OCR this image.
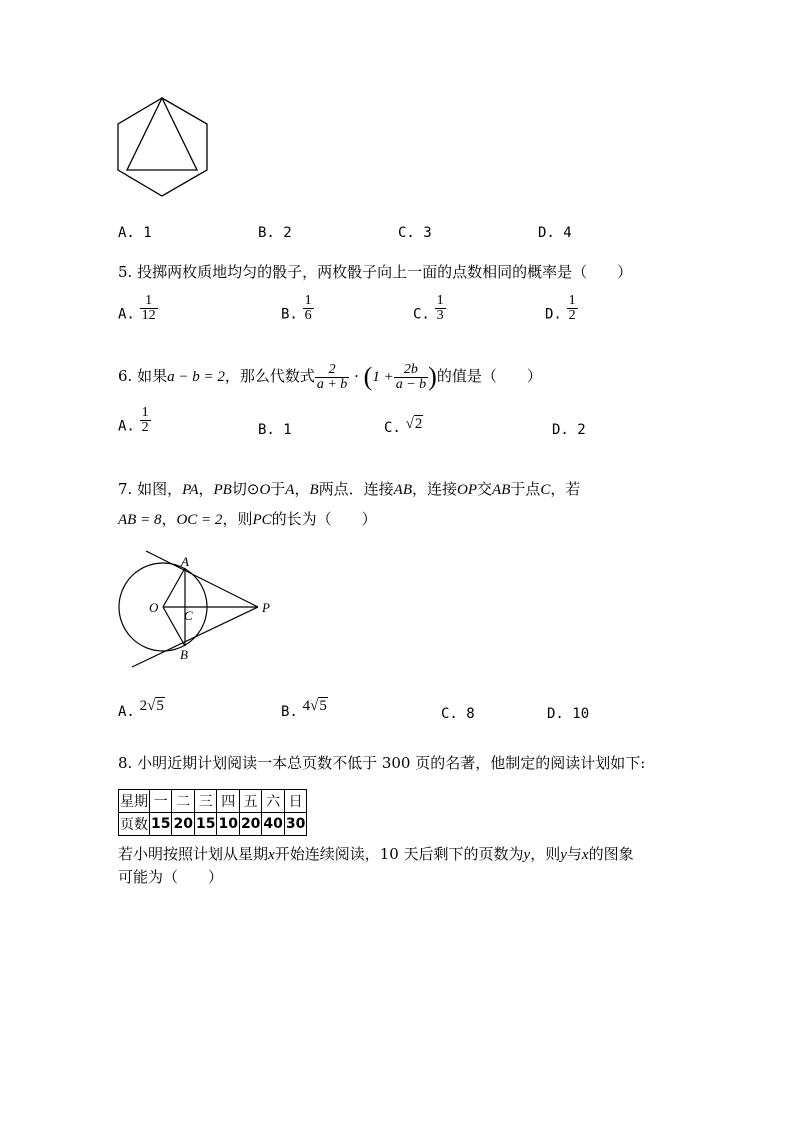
A. 1	B. 2	C. 3	D. 4
5. 投掷两枚质地均匀的骰子，两枚骰子向上一面的点数相同的概率是（　　）
A. $\frac{1}{12}$	B. $\frac{1}{6}$	C. $\frac{1}{3}$	D. $\frac{1}{2}$
6. 如果a − b = 2，那么代数式 $\frac{2}{a + b} \cdot (1 + \frac{2b}{a - b}$ )的值是（　　）
A. $\frac{1}{2}$	B. 1	C. √2	D. 2
7. 如图，PA，PB切⊙O于A，B两点．连接AB，连接OP交AB于点C，若
AB = 8，OC = 2，则PC的长为（　　）
A
B
C
O	P
A. 2√5	B. 4√5	C. 8	D. 10
8. 小明近期计划阅读一本总页数不低于 300 页的名著，他制定的阅读计划如下:
星期	一	二	三	四	五	六	日
页数	15	20	15	10	20	40	30
若小明按照计划从星期x开始连续阅读，10 天后剩下的页数为y，则y与x的图象
可能为（　　）
